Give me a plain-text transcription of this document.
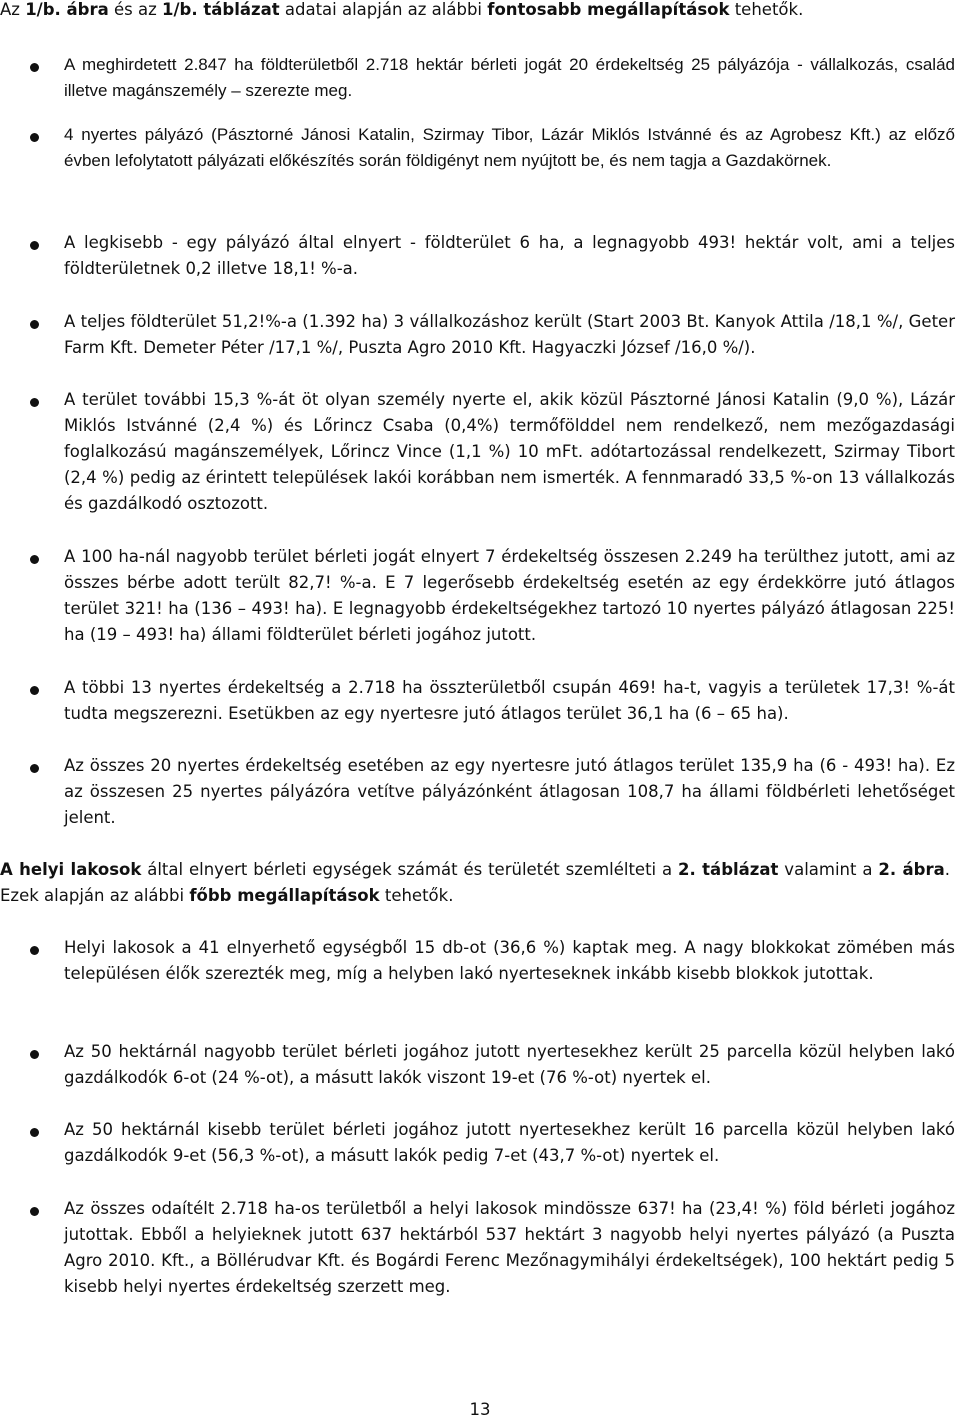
Az 1/b. ábra és az 1/b. táblázat adatai alapján az alábbi fontosabb megállapítások tehetők.

A meghirdetett 2.847 ha földterületből 2.718 hektár bérleti jogát 20 érdekeltség 25 pályázója - vállalkozás, család illetve magánszemély – szerezte meg.
4 nyertes pályázó (Pásztorné Jánosi Katalin, Szirmay Tibor, Lázár Miklós Istvánné és az Agrobesz Kft.) az előző évben lefolytatott pályázati előkészítés során földigényt nem nyújtott be, és nem tagja a Gazdakörnek.
A legkisebb - egy pályázó által elnyert - földterület 6 ha, a legnagyobb 493! hektár volt, ami a teljes földterületnek 0,2 illetve 18,1! %-a.
A teljes földterület 51,2!%-a (1.392 ha) 3 vállalkozáshoz került (Start 2003 Bt. Kanyok Attila /18,1 %/, Geter Farm Kft. Demeter Péter /17,1 %/, Puszta Agro 2010 Kft. Hagyaczki József /16,0 %/).
A terület további 15,3 %-át öt olyan személy nyerte el, akik közül Pásztorné Jánosi Katalin (9,0 %), Lázár Miklós Istvánné (2,4 %) és Lőrincz Csaba (0,4%) termőfölddel nem rendelkező, nem mezőgazdasági foglalkozású magánszemélyek, Lőrincz Vince (1,1 %) 10 mFt. adótartozással rendelkezett, Szirmay Tibort (2,4 %) pedig az érintett települések lakói korábban nem ismerték. A fennmaradó 33,5 %-on 13 vállalkozás és gazdálkodó osztozott.
A 100 ha-nál nagyobb terület bérleti jogát elnyert 7 érdekeltség összesen 2.249 ha terülthez jutott, ami az összes bérbe adott terült 82,7! %-a. E 7 legerősebb érdekeltség esetén az egy érdekkörre jutó átlagos terület 321! ha (136 – 493! ha). E legnagyobb érdekeltségekhez tartozó 10 nyertes pályázó átlagosan 225! ha (19 – 493! ha) állami földterület bérleti jogához jutott.
A többi 13 nyertes érdekeltség a 2.718 ha összterületből csupán 469! ha-t, vagyis a területek 17,3! %-át tudta megszerezni. Esetükben az egy nyertesre jutó átlagos terület 36,1 ha (6 – 65 ha).
Az összes 20 nyertes érdekeltség esetében az egy nyertesre jutó átlagos terület 135,9 ha (6 - 493! ha). Ez az összesen 25 nyertes pályázóra vetítve pályázónként átlagosan 108,7 ha állami földbérleti lehetőséget jelent.

A helyi lakosok által elnyert bérleti egységek számát és területét szemlélteti a 2. táblázat valamint a 2. ábra. Ezek alapján az alábbi főbb megállapítások tehetők.

Helyi lakosok a 41 elnyerhető egységből 15 db-ot (36,6 %) kaptak meg. A nagy blokkokat zömében más településen élők szerezték meg, míg a helyben lakó nyerteseknek inkább kisebb blokkok jutottak.
Az 50 hektárnál nagyobb terület bérleti jogához jutott nyertesekhez került 25 parcella közül helyben lakó gazdálkodók 6-ot (24 %-ot), a másutt lakók viszont 19-et (76 %-ot) nyertek el.
Az 50 hektárnál kisebb terület bérleti jogához jutott nyertesekhez került 16 parcella közül helyben lakó gazdálkodók 9-et (56,3 %-ot), a másutt lakók pedig 7-et (43,7 %-ot) nyertek el.
Az összes odaítélt 2.718 ha-os területből a helyi lakosok mindössze 637! ha (23,4! %) föld bérleti jogához jutottak. Ebből a helyieknek jutott 637 hektárból 537 hektárt 3 nagyobb helyi nyertes pályázó (a Puszta Agro 2010. Kft., a Böllérudvar Kft. és Bogárdi Ferenc Mezőnagymihályi érdekeltségek), 100 hektárt pedig 5 kisebb helyi nyertes érdekeltség szerzett meg.
13
